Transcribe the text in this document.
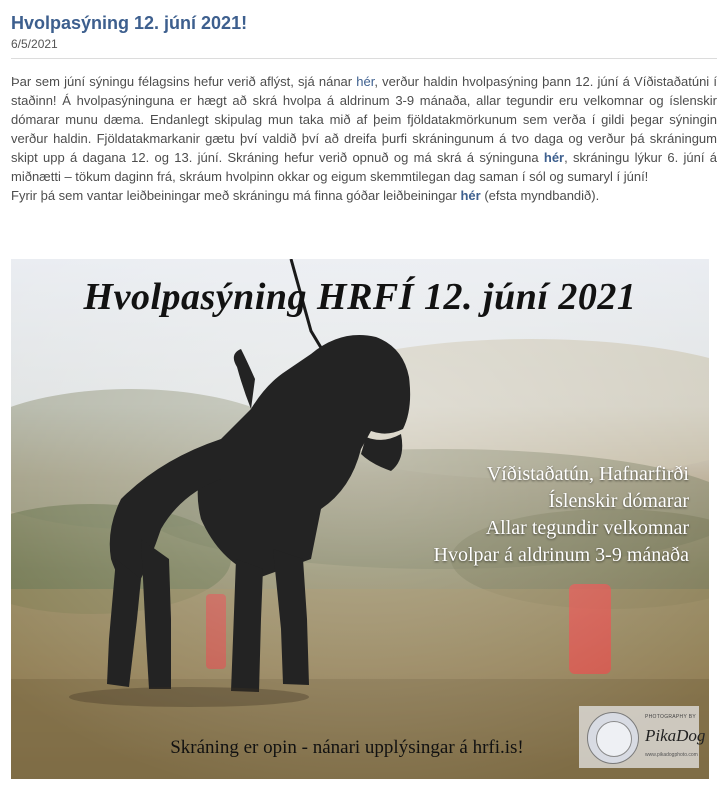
Hvolpasýning 12. júní 2021!
6/5/2021

Þar sem júní sýningu félagsins hefur verið aflýst, sjá nánar hér, verður haldin hvolpasýning þann 12. júní á Víðistaðatúni í staðinn! Á hvolpasýninguna er hægt að skrá hvolpa á aldrinum 3-9 mánaða, allar tegundir eru velkomnar og íslenskir dómarar munu dæma. Endanlegt skipulag mun taka mið af þeim fjöldatakmörkunum sem verða í gildi þegar sýningin verður haldin. Fjöldatakmarkanir gætu því valdið því að dreifa þurfi skráningunum á tvo daga og verður þá skráningum skipt upp á dagana 12. og 13. júní. Skráning hefur verið opnuð og má skrá á sýninguna hér, skráningu lýkur 6. júní á miðnætti – tökum daginn frá, skráum hvolpinn okkar og eigum skemmtilegan dag saman í sól og sumaryl í júní!

Fyrir þá sem vantar leiðbeiningar með skráningu má finna góðar leiðbeiningar hér (efsta myndbandið).

Hvolpasýning HRFÍ 12. júní 2021
Víðistaðatún, Hafnarfirði
Íslenskir dómarar
Allar tegundir velkomnar
Hvolpar á aldrinum 3-9 mánaða
Skráning er opin - nánari upplýsingar á hrfi.is!
PHOTOGRAPHY BY
PikaDog
www.pikadogphoto.com
